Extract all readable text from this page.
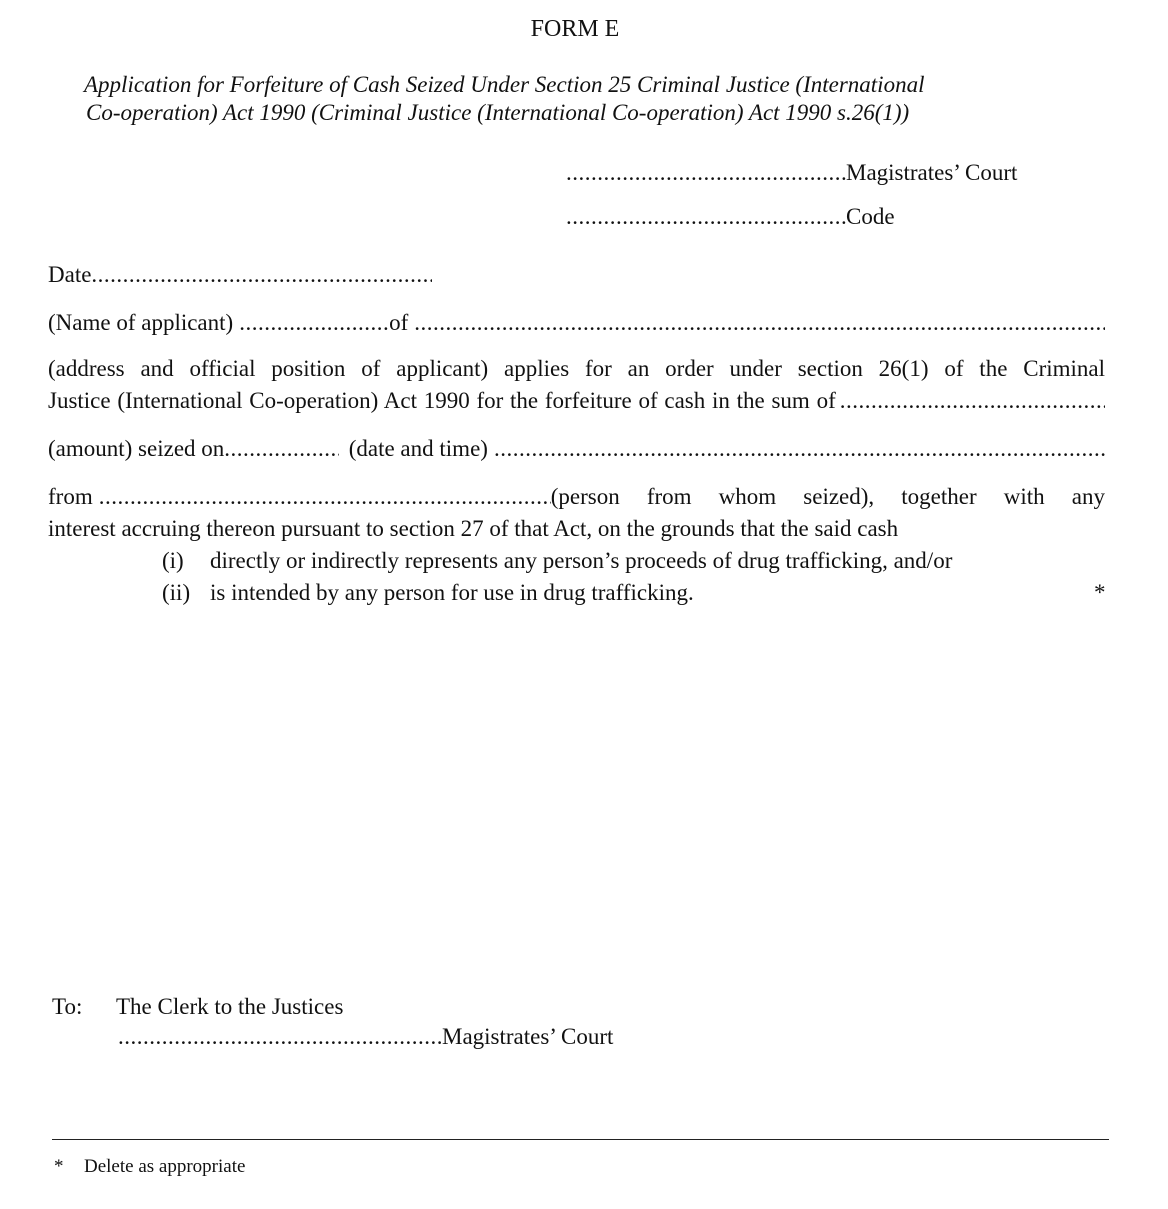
FORM E
Application for Forfeiture of Cash Seized Under Section 25 Criminal Justice (International
Co-operation) Act 1990 (Criminal Justice (International Co-operation) Act 1990 s.26(1))
.....
Magistrates’ Court
.....
Code
Date
.....
(Name of applicant) .....	of
.....
(address and official position of applicant) applies for an order under section 26(1) of the Criminal
Justice (International Co-operation) Act 1990 for the forfeiture of cash in the sum of
.....
(amount) seized on .....	(date and time)
.....
from .....	(person from whom seized), together with any
interest accruing thereon pursuant to section 27 of that Act, on the grounds that the said cash
(i) directly or indirectly represents any person’s proceeds of drug trafficking, and/or
(ii) is intended by any person for use in drug trafficking.	*
To: The Clerk to the Justices
.....
Magistrates’ Court
* Delete as appropriate
